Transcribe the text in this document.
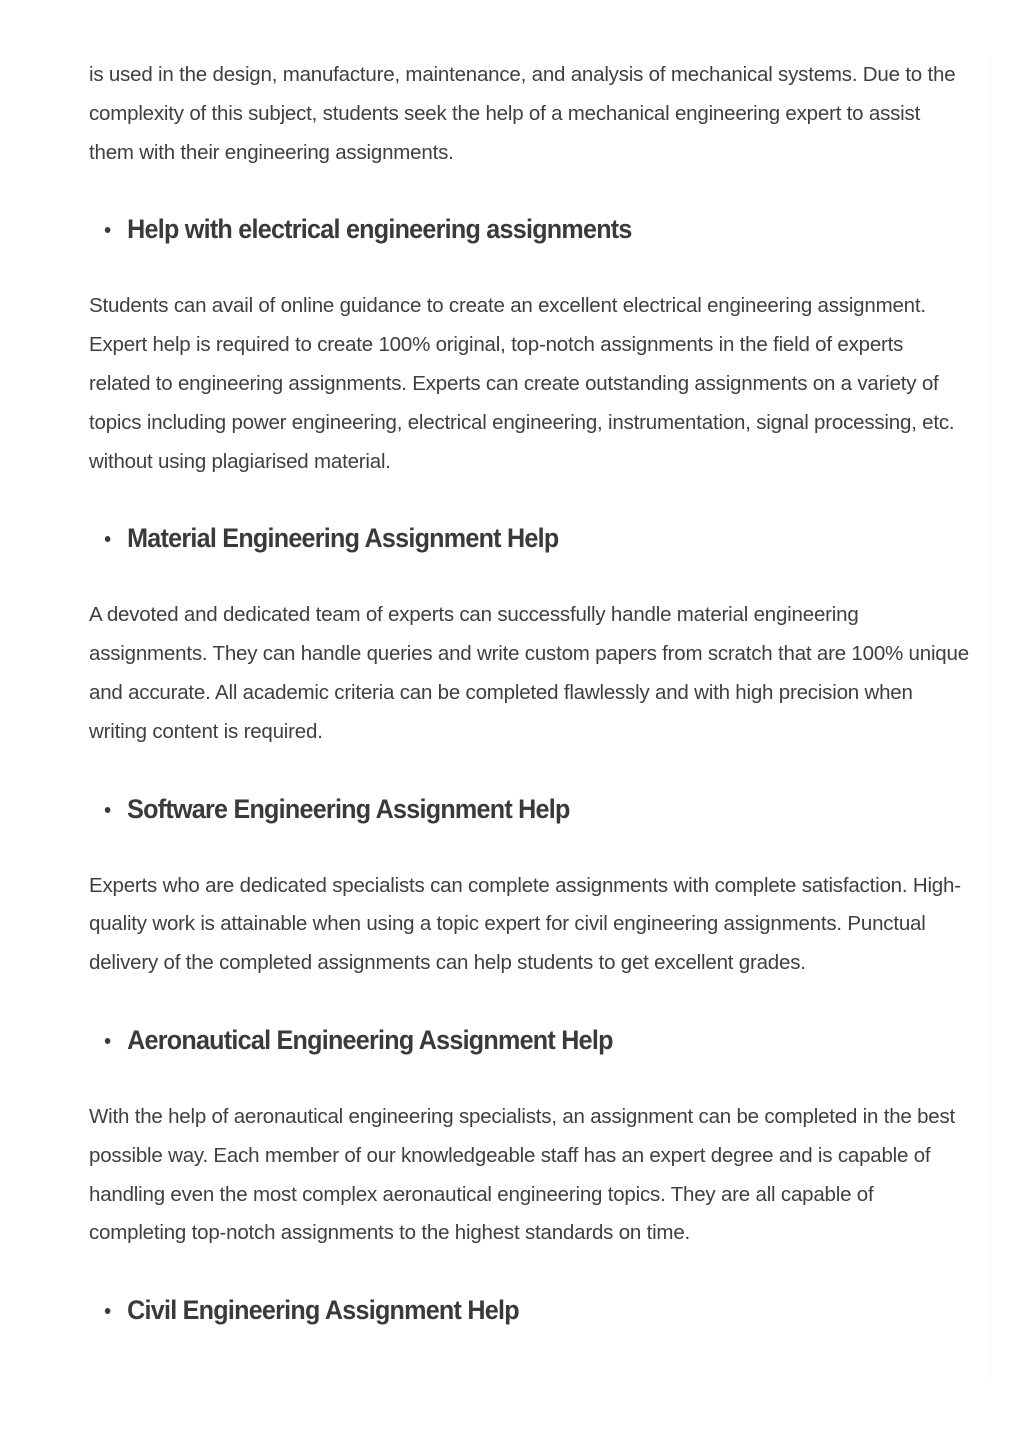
is used in the design, manufacture, maintenance, and analysis of mechanical systems. Due to the complexity of this subject, students seek the help of a mechanical engineering expert to assist them with their engineering assignments.

Help with electrical engineering assignments

Students can avail of online guidance to create an excellent electrical engineering assignment. Expert help is required to create 100% original, top-notch assignments in the field of experts related to engineering assignments. Experts can create outstanding assignments on a variety of topics including power engineering, electrical engineering, instrumentation, signal processing, etc. without using plagiarised material.

Material Engineering Assignment Help

A devoted and dedicated team of experts can successfully handle material engineering assignments. They can handle queries and write custom papers from scratch that are 100% unique and accurate. All academic criteria can be completed flawlessly and with high precision when writing content is required.

Software Engineering Assignment Help

Experts who are dedicated specialists can complete assignments with complete satisfaction. High-quality work is attainable when using a topic expert for civil engineering assignments. Punctual delivery of the completed assignments can help students to get excellent grades.

Aeronautical Engineering Assignment Help

With the help of aeronautical engineering specialists, an assignment can be completed in the best possible way. Each member of our knowledgeable staff has an expert degree and is capable of handling even the most complex aeronautical engineering topics. They are all capable of completing top-notch assignments to the highest standards on time.

Civil Engineering Assignment Help
